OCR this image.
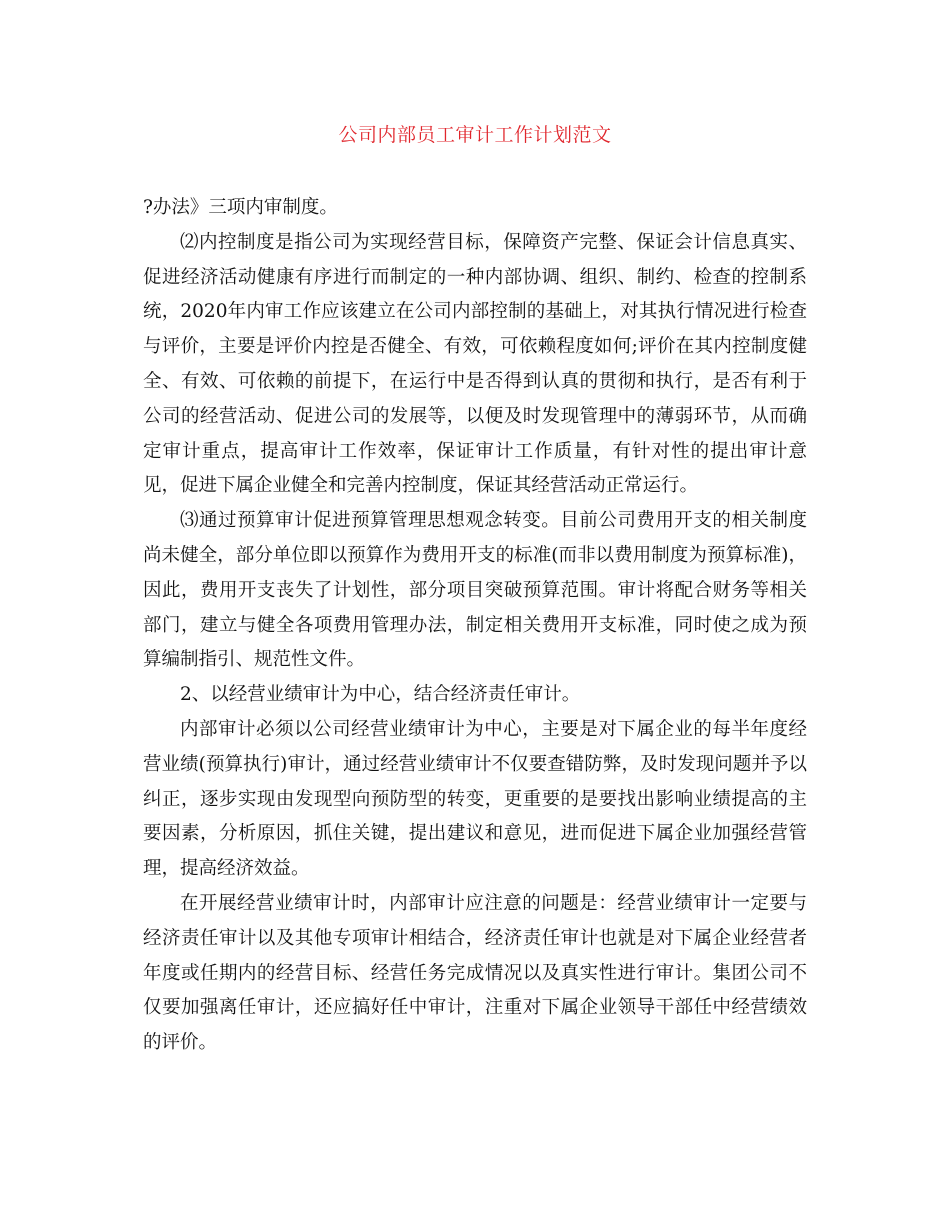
公司内部员工审计工作计划范文

?办法》三项内审制度。

⑵内控制度是指公司为实现经营目标，保障资产完整、保证会计信息真实、促进经济活动健康有序进行而制定的一种内部协调、组织、制约、检查的控制系统，2020年内审工作应该建立在公司内部控制的基础上，对其执行情况进行检查与评价，主要是评价内控是否健全、有效，可依赖程度如何;评价在其内控制度健全、有效、可依赖的前提下，在运行中是否得到认真的贯彻和执行，是否有利于公司的经营活动、促进公司的发展等，以便及时发现管理中的薄弱环节，从而确定审计重点，提高审计工作效率，保证审计工作质量，有针对性的提出审计意见，促进下属企业健全和完善内控制度，保证其经营活动正常运行。

⑶通过预算审计促进预算管理思想观念转变。目前公司费用开支的相关制度尚未健全，部分单位即以预算作为费用开支的标准(而非以费用制度为预算标准)，因此，费用开支丧失了计划性，部分项目突破预算范围。审计将配合财务等相关部门，建立与健全各项费用管理办法，制定相关费用开支标准，同时使之成为预算编制指引、规范性文件。

2、以经营业绩审计为中心，结合经济责任审计。

内部审计必须以公司经营业绩审计为中心，主要是对下属企业的每半年度经营业绩(预算执行)审计，通过经营业绩审计不仅要查错防弊，及时发现问题并予以纠正，逐步实现由发现型向预防型的转变，更重要的是要找出影响业绩提高的主要因素，分析原因，抓住关键，提出建议和意见，进而促进下属企业加强经营管理，提高经济效益。

在开展经营业绩审计时，内部审计应注意的问题是：经营业绩审计一定要与经济责任审计以及其他专项审计相结合，经济责任审计也就是对下属企业经营者年度或任期内的经营目标、经营任务完成情况以及真实性进行审计。集团公司不仅要加强离任审计，还应搞好任中审计，注重对下属企业领导干部任中经营绩效的评价。
